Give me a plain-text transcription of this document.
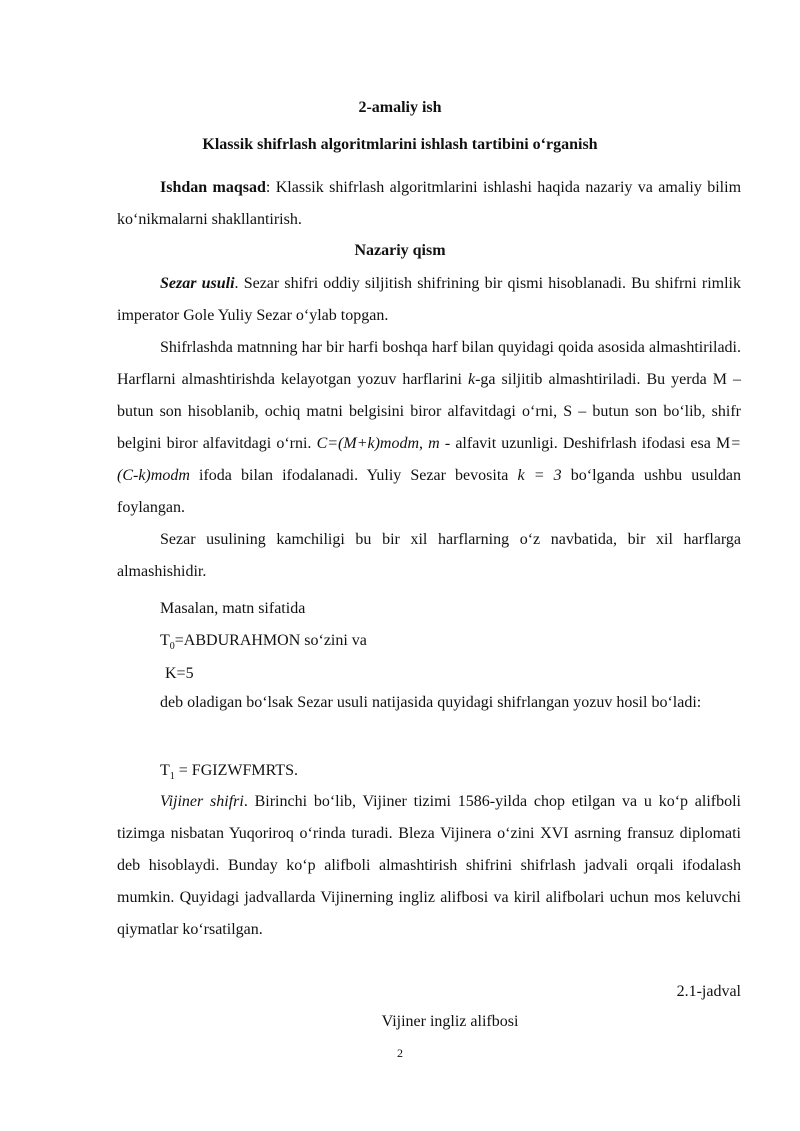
2-amaliy ish
Klassik shifrlash algoritmlarini ishlash tartibini o‘rganish

Ishdan maqsad: Klassik shifrlash algoritmlarini ishlashi haqida nazariy va amaliy bilim ko‘nikmalarni shakllantirish.

Nazariy qism

Sezar usuli. Sezar shifri oddiy siljitish shifrining bir qismi hisoblanadi. Bu shifrni rimlik imperator Gole Yuliy Sezar o‘ylab topgan.

Shifrlashda matnning har bir harfi boshqa harf bilan quyidagi qoida asosida almashtiriladi. Harflarni almashtirishda kelayotgan yozuv harflarini k-ga siljitib almashtiriladi. Bu yerda M – butun son hisoblanib, ochiq matni belgisini biror alfavitdagi o‘rni, S – butun son bo‘lib, shifr belgini biror alfavitdagi o‘rni. C=(M+k)modm, m - alfavit uzunligi. Deshifrlash ifodasi esa M=(C-k)modm ifoda bilan ifodalanadi. Yuliy Sezar bevosita k = 3 bo‘lganda ushbu usuldan foylangan.

Sezar usulining kamchiligi bu bir xil harflarning o‘z navbatida, bir xil harflarga almashishidir.

Masalan, matn sifatida
$T_0=ABDURAHMON$ so‘zini va
K=5

deb oladigan bo‘lsak Sezar usuli natijasida quyidagi shifrlangan yozuv hosil bo‘ladi:

$T_1$ = FGIZWFMRTS.

Vijiner shifri. Birinchi bo‘lib, Vijiner tizimi 1586-yilda chop etilgan va u ko‘p alifboli tizimga nisbatan Yuqoriroq o‘rinda turadi. Bleza Vijinera o‘zini XVI asrning fransuz diplomati deb hisoblaydi. Bunday ko‘p alifboli almashtirish shifrini shifrlash jadvali orqali ifodalash mumkin. Quyidagi jadvallarda Vijinerning ingliz alifbosi va kiril alifbolari uchun mos keluvchi qiymatlar ko‘rsatilgan.

2.1-jadval
Vijiner ingliz alifbosi
2
